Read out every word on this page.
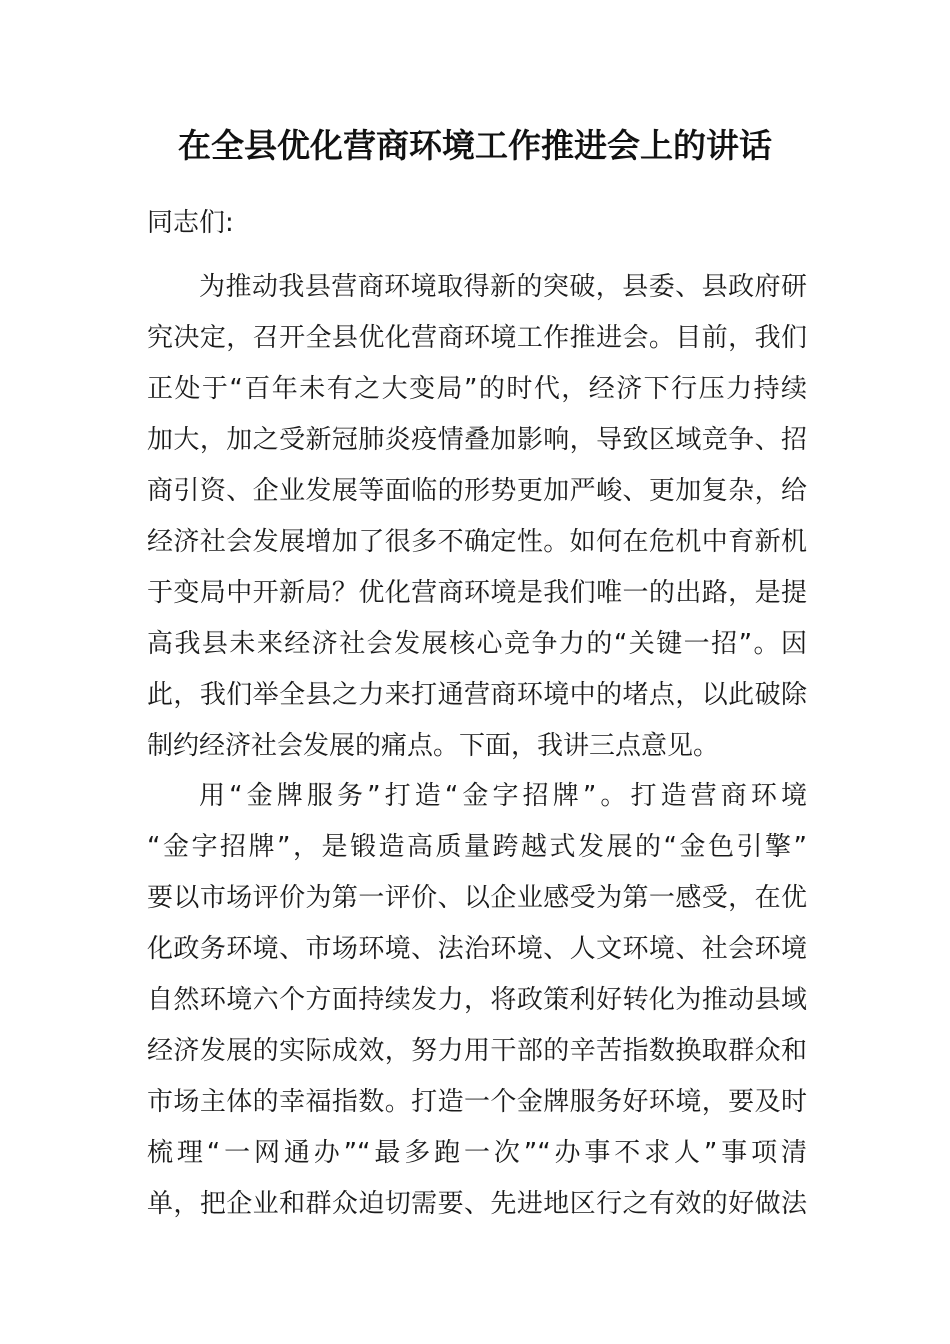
在全县优化营商环境工作推进会上的讲话
同志们:
为推动我县营商环境取得新的突破，县委、县政府研
究决定，召开全县优化营商环境工作推进会。目前，我们
正处于“百年未有之大变局”的时代，经济下行压力持续
加大，加之受新冠肺炎疫情叠加影响，导致区域竞争、招
商引资、企业发展等面临的形势更加严峻、更加复杂，给
经济社会发展增加了很多不确定性。如何在危机中育新机
于变局中开新局？优化营商环境是我们唯一的出路，是提
高我县未来经济社会发展核心竞争力的“关键一招”。因
此，我们举全县之力来打通营商环境中的堵点，以此破除
制约经济社会发展的痛点。下面，我讲三点意见。
用“金牌服务”打造“金字招牌”。打造营商环境
“金字招牌”，是锻造高质量跨越式发展的“金色引擎”
要以市场评价为第一评价、以企业感受为第一感受，在优
化政务环境、市场环境、法治环境、人文环境、社会环境
自然环境六个方面持续发力，将政策利好转化为推动县域
经济发展的实际成效，努力用干部的辛苦指数换取群众和
市场主体的幸福指数。打造一个金牌服务好环境，要及时
梳理“一网通办”“最多跑一次”“办事不求人”事项清
单，把企业和群众迫切需要、先进地区行之有效的好做法
